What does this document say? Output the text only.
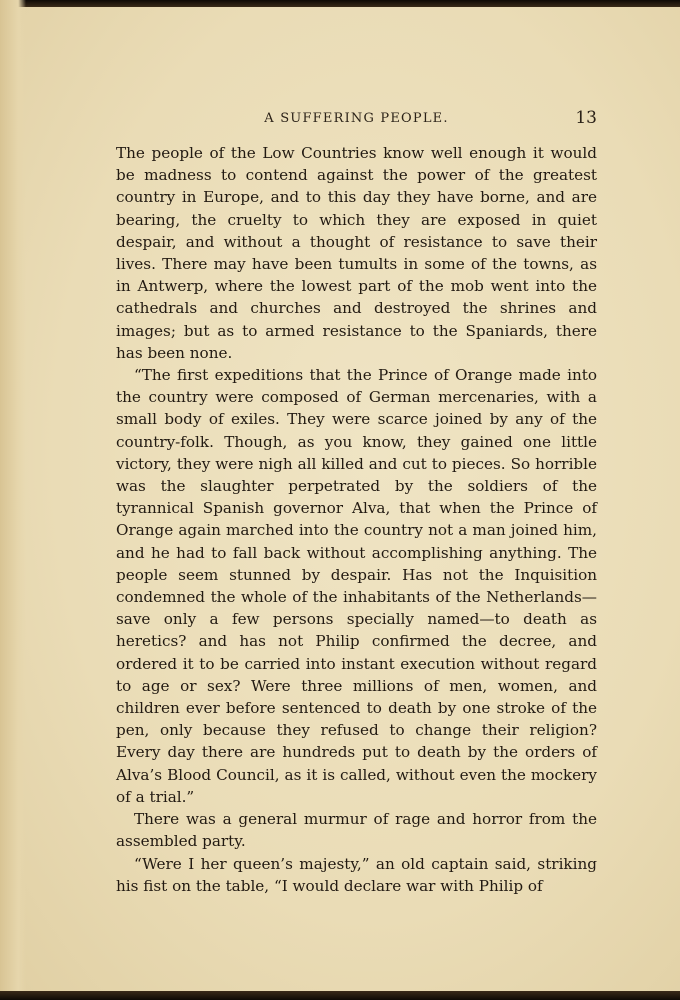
A SUFFERING PEOPLE.	13

The people of the Low Countries know well enough it would be madness to contend against the power of the greatest country in Europe, and to this day they have borne, and are bearing, the cruelty to which they are exposed in quiet despair, and without a thought of resistance to save their lives. There may have been tumults in some of the towns, as in Antwerp, where the lowest part of the mob went into the cathedrals and churches and destroyed the shrines and images; but as to armed resistance to the Spaniards, there has been none.

“The first expeditions that the Prince of Orange made into the country were composed of German mercenaries, with a small body of exiles. They were scarce joined by any of the country-folk. Though, as you know, they gained one little victory, they were nigh all killed and cut to pieces. So horrible was the slaughter perpetrated by the soldiers of the tyrannical Spanish governor Alva, that when the Prince of Orange again marched into the country not a man joined him, and he had to fall back without accomplishing anything. The people seem stunned by despair. Has not the Inquisition condemned the whole of the inhabitants of the Netherlands—save only a few persons specially named—to death as heretics? and has not Philip confirmed the decree, and ordered it to be carried into instant execution without regard to age or sex? Were three millions of men, women, and children ever before sentenced to death by one stroke of the pen, only because they refused to change their religion? Every day there are hundreds put to death by the orders of Alva’s Blood Council, as it is called, without even the mockery of a trial.”

There was a general murmur of rage and horror from the assembled party.

“Were I her queen’s majesty,” an old captain said, striking his fist on the table, “I would declare war with Philip of
